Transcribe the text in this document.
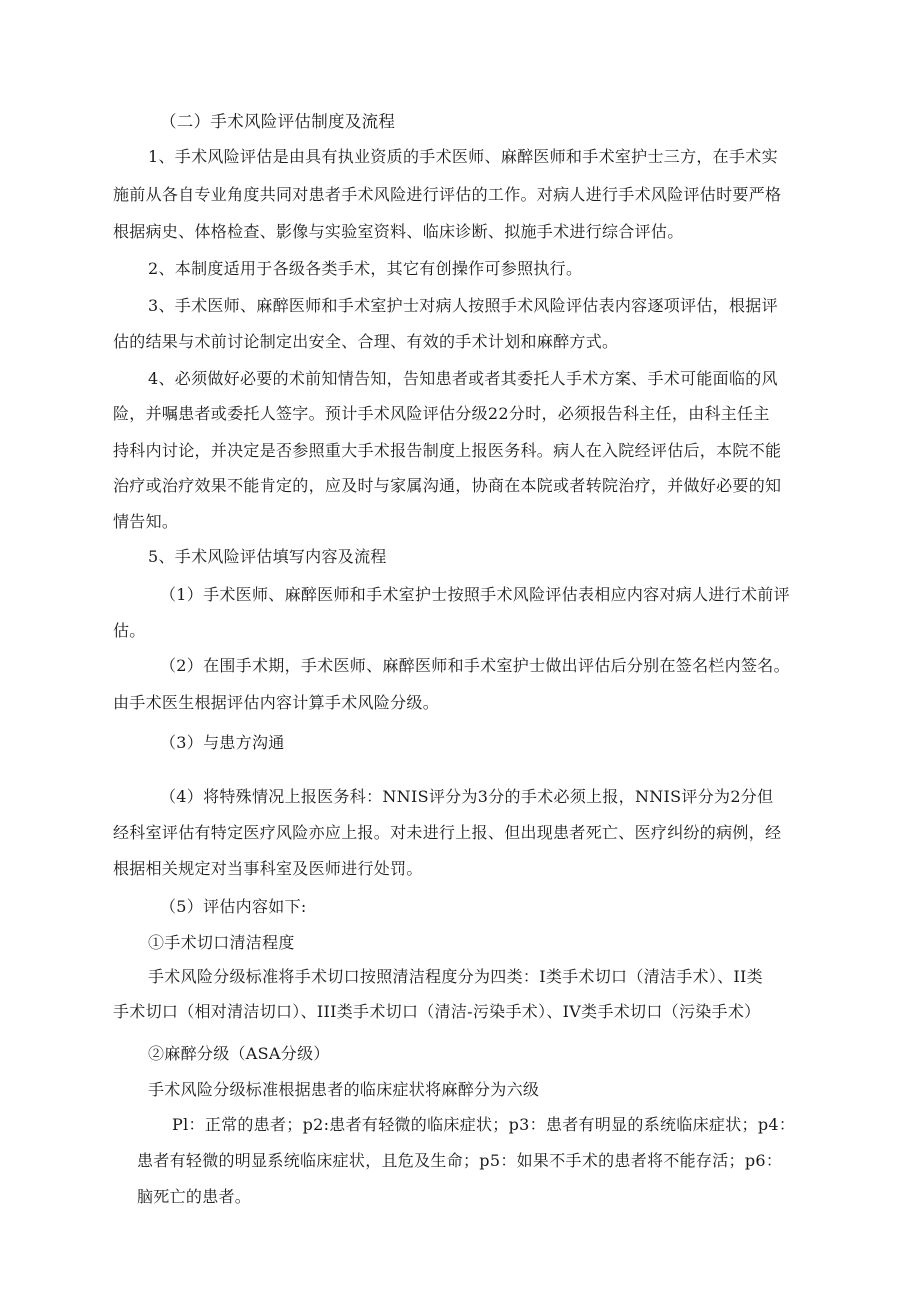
（二）手术风险评估制度及流程

1、手术风险评估是由具有执业资质的手术医师、麻醉医师和手术室护士三方，在手术实

施前从各自专业角度共同对患者手术风险进行评估的工作。对病人进行手术风险评估时要严格

根据病史、体格检查、影像与实验室资料、临床诊断、拟施手术进行综合评估。

2、本制度适用于各级各类手术，其它有创操作可参照执行。

3、手术医师、麻醉医师和手术室护士对病人按照手术风险评估表内容逐项评估，根据评

估的结果与术前讨论制定出安全、合理、有效的手术计划和麻醉方式。

4、必须做好必要的术前知情告知，告知患者或者其委托人手术方案、手术可能面临的风

险，并嘱患者或委托人签字。预计手术风险评估分级22分时，必须报告科主任，由科主任主

持科内讨论，并决定是否参照重大手术报告制度上报医务科。病人在入院经评估后，本院不能

治疗或治疗效果不能肯定的，应及时与家属沟通，协商在本院或者转院治疗，并做好必要的知

情告知。

5、手术风险评估填写内容及流程

（1）手术医师、麻醉医师和手术室护士按照手术风险评估表相应内容对病人进行术前评

估。

（2）在围手术期，手术医师、麻醉医师和手术室护士做出评估后分别在签名栏内签名。

由手术医生根据评估内容计算手术风险分级。

（3）与患方沟通

（4）将特殊情况上报医务科：NNIS评分为3分的手术必须上报，NNIS评分为2分但

经科室评估有特定医疗风险亦应上报。对未进行上报、但出现患者死亡、医疗纠纷的病例，经

根据相关规定对当事科室及医师进行处罚。

（5）评估内容如下:

①手术切口清洁程度

手术风险分级标准将手术切口按照清洁程度分为四类：I类手术切口（清洁手术）、II类

手术切口（相对清洁切口）、III类手术切口（清洁-污染手术）、IV类手术切口（污染手术）

②麻醉分级（ASA分级）

手术风险分级标准根据患者的临床症状将麻醉分为六级

Pl：正常的患者；p2:患者有轻微的临床症状；p3：患者有明显的系统临床症状；p4：

患者有轻微的明显系统临床症状，且危及生命；p5：如果不手术的患者将不能存活；p6：

脑死亡的患者。
